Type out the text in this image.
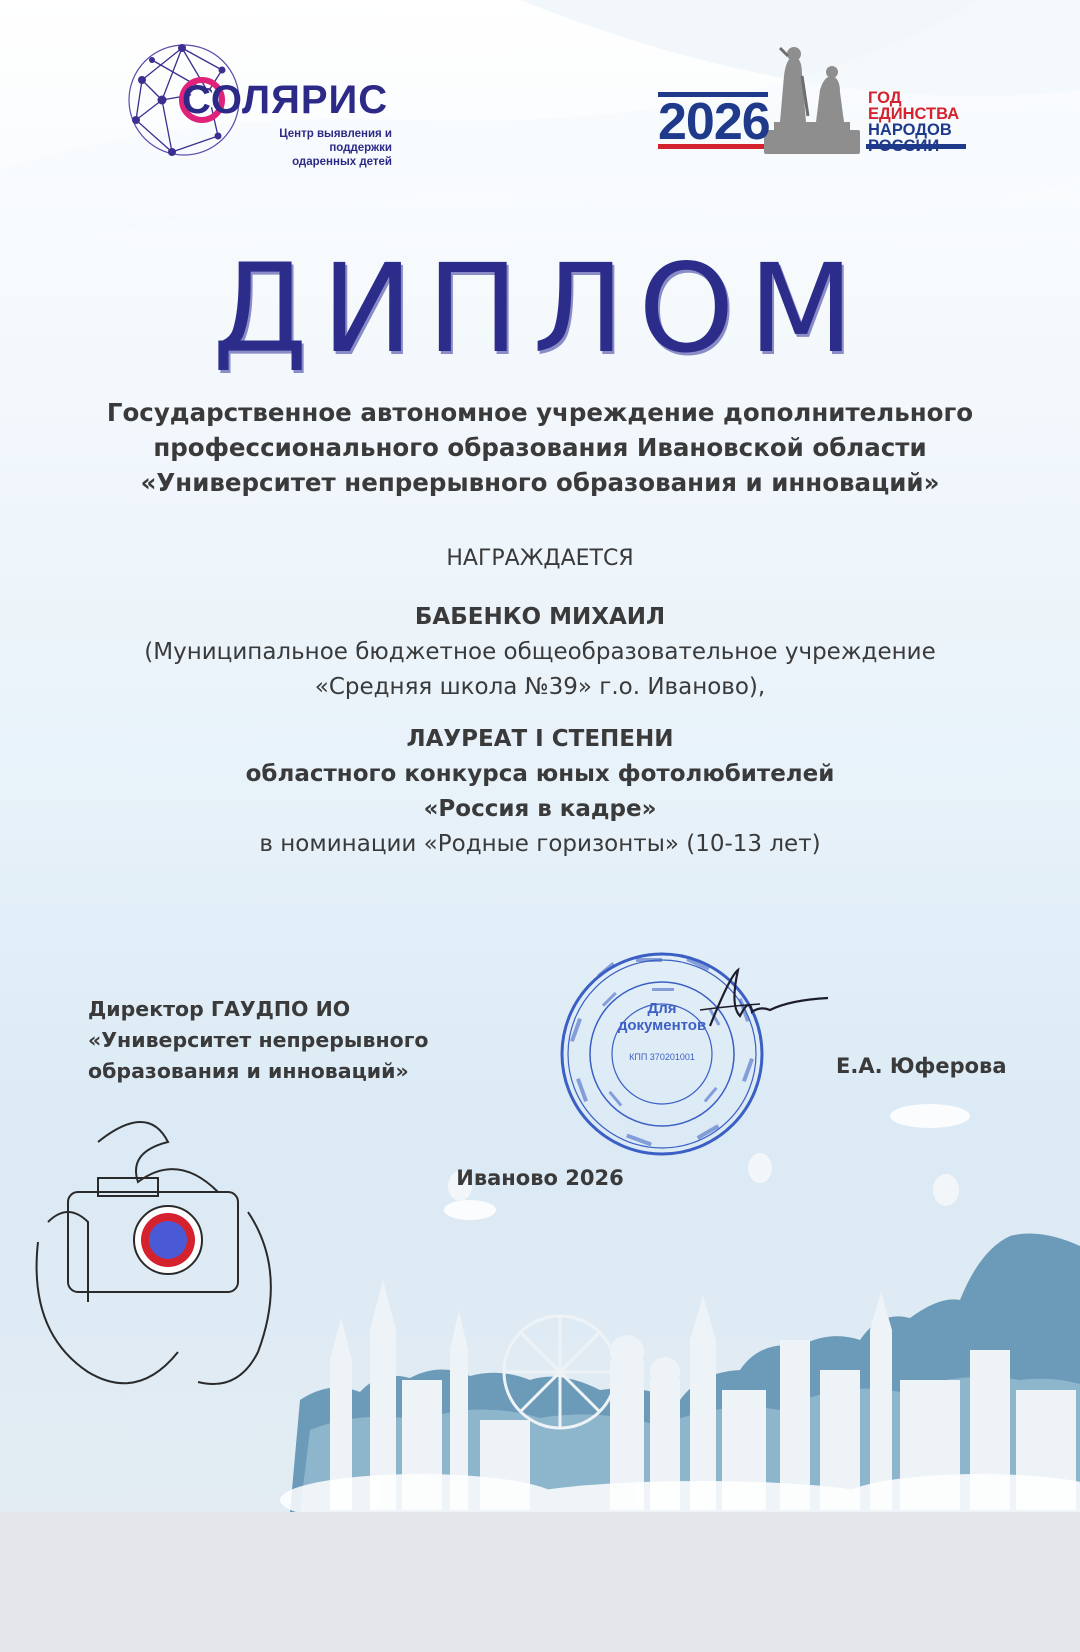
СОЛЯРИС
Центр выявления и поддержки
одаренных детей
2026	ГОД
ЕДИНСТВА
НАРОДОВ
РОССИИ
ДИПЛОМ
Государственное автономное учреждение дополнительного
профессионального образования Ивановской области
«Университет непрерывного образования и инноваций»
НАГРАЖДАЕТСЯ
БАБЕНКО МИХАИЛ
(Муниципальное бюджетное общеобразовательное учреждение
«Средняя школа №39» г.о. Иваново),
ЛАУРЕАТ I СТЕПЕНИ
областного конкурса юных фотолюбителей
«Россия в кадре»
в номинации «Родные горизонты» (10-13 лет)
Директор ГАУДПО ИО
«Университет непрерывного
образования и инноваций»
Для
документов
КПП 370201001	Е.А. Юферова
Иваново 2026
